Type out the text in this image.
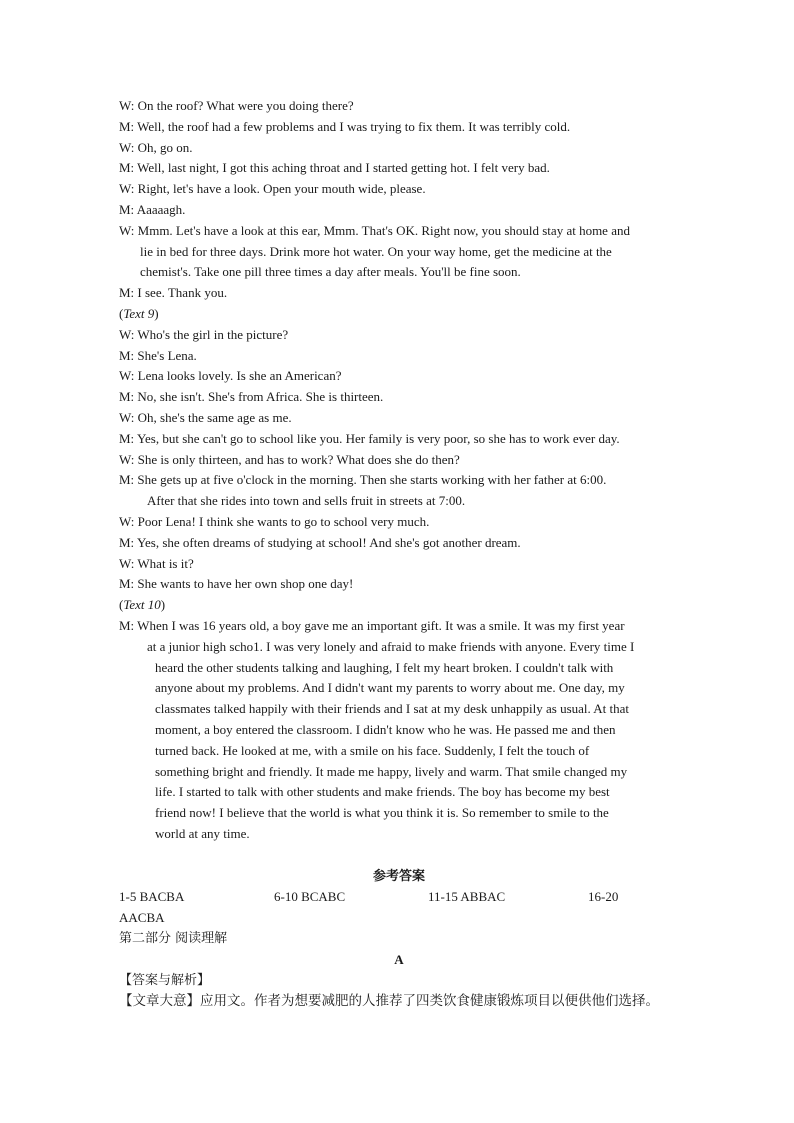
W: On the roof? What were you doing there?
M: Well, the roof had a few problems and I was trying to fix them. It was terribly cold.
W: Oh, go on.
M: Well, last night, I got this aching throat and I started getting hot. I felt very bad.
W: Right, let's have a look. Open your mouth wide, please.
M: Aaaaagh.
W: Mmm. Let's have a look at this ear, Mmm. That's OK. Right now, you should stay at home and
lie in bed for three days. Drink more hot water. On your way home, get the medicine at the
chemist's. Take one pill three times a day after meals. You'll be fine soon.
M: I see. Thank you.
(Text 9)
W: Who's the girl in the picture?
M: She's Lena.
W: Lena looks lovely. Is she an American?
M: No, she isn't. She's from Africa. She is thirteen.
W: Oh, she's the same age as me.
M: Yes, but she can't go to school like you. Her family is very poor, so she has to work ever day.
W: She is only thirteen, and has to work? What does she do then?
M: She gets up at five o'clock in the morning. Then she starts working with her father at 6:00.
After that she rides into town and sells fruit in streets at 7:00.
W: Poor Lena! I think she wants to go to school very much.
M: Yes, she often dreams of studying at school! And she's got another dream.
W: What is it?
M: She wants to have her own shop one day!
(Text 10)
M: When I was 16 years old, a boy gave me an important gift. It was a smile. It was my first year
at a junior high scho1. I was very lonely and afraid to make friends with anyone. Every time I
heard the other students talking and laughing, I felt my heart broken. I couldn't talk with
anyone about my problems. And I didn't want my parents to worry about me. One day, my
classmates talked happily with their friends and I sat at my desk unhappily as usual. At that
moment, a boy entered the classroom. I didn't know who he was. He passed me and then
turned back. He looked at me, with a smile on his face. Suddenly, I felt the touch of
something bright and friendly. It made me happy, lively and warm. That smile changed my
life. I started to talk with other students and make friends. The boy has become my best
friend now! I believe that the world is what you think it is. So remember to smile to the
world at any time.
参考答案
1-5 BACBA	6-10 BCABC	11-15 ABBAC	16-20
AACBA
第二部分 阅读理解
A
【答案与解析】
【文章大意】应用文。作者为想要减肥的人推荐了四类饮食健康锻炼项目以便供他们选择。
